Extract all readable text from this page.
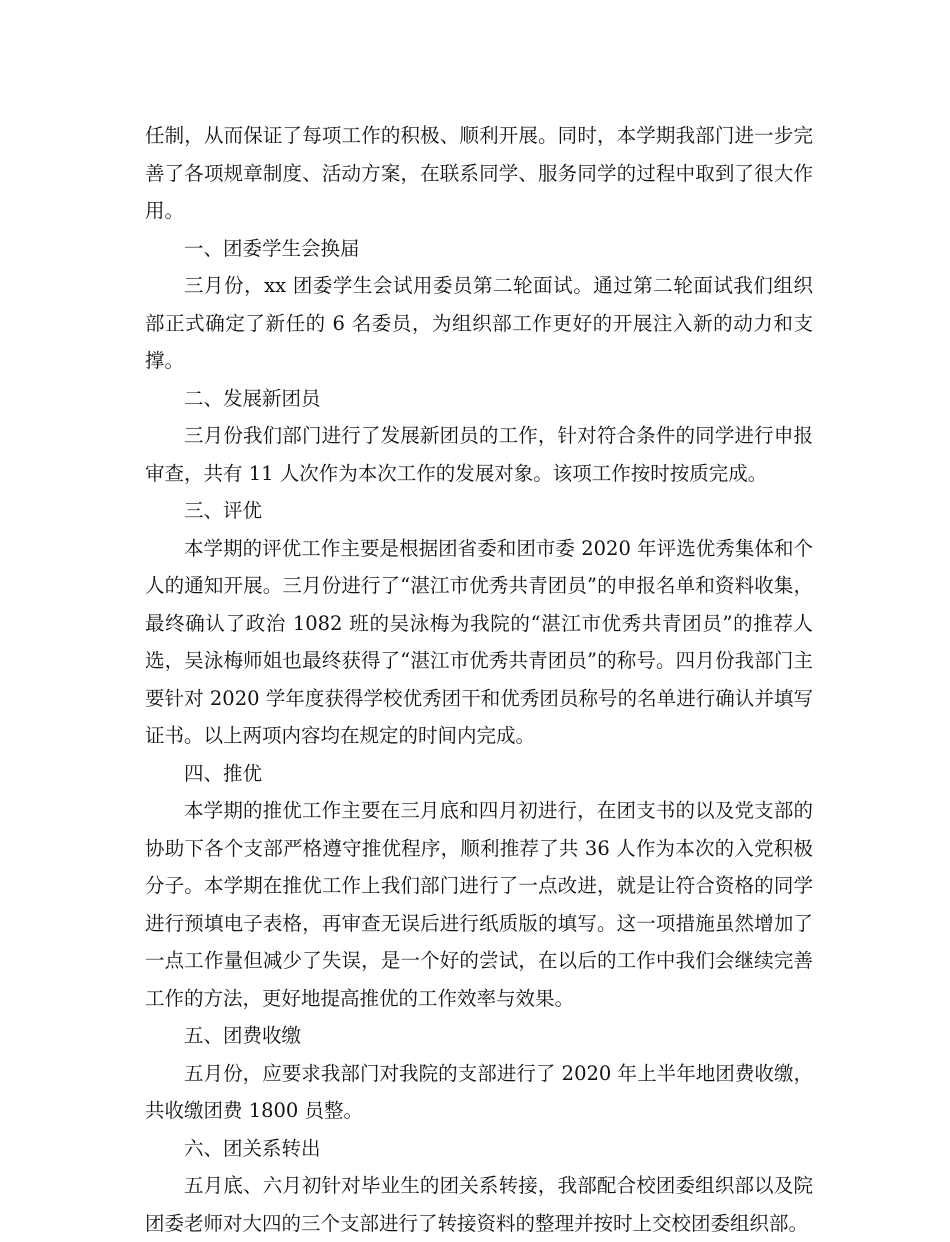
任制，从而保证了每项工作的积极、顺利开展。同时，本学期我部门进一步完善了各项规章制度、活动方案，在联系同学、服务同学的过程中取到了很大作用。

一、团委学生会换届

三月份，xx 团委学生会试用委员第二轮面试。通过第二轮面试我们组织部正式确定了新任的 6 名委员，为组织部工作更好的开展注入新的动力和支撑。

二、发展新团员

三月份我们部门进行了发展新团员的工作，针对符合条件的同学进行申报审查，共有 11 人次作为本次工作的发展对象。该项工作按时按质完成。

三、评优

本学期的评优工作主要是根据团省委和团市委 2020 年评选优秀集体和个人的通知开展。三月份进行了“湛江市优秀共青团员”的申报名单和资料收集，最终确认了政治 1082 班的吴泳梅为我院的“湛江市优秀共青团员”的推荐人选，吴泳梅师姐也最终获得了“湛江市优秀共青团员”的称号。四月份我部门主要针对 2020 学年度获得学校优秀团干和优秀团员称号的名单进行确认并填写证书。以上两项内容均在规定的时间内完成。

四、推优

本学期的推优工作主要在三月底和四月初进行，在团支书的以及党支部的协助下各个支部严格遵守推优程序，顺利推荐了共 36 人作为本次的入党积极分子。本学期在推优工作上我们部门进行了一点改进，就是让符合资格的同学进行预填电子表格，再审查无误后进行纸质版的填写。这一项措施虽然增加了一点工作量但减少了失误，是一个好的尝试，在以后的工作中我们会继续完善工作的方法，更好地提高推优的工作效率与效果。

五、团费收缴

五月份，应要求我部门对我院的支部进行了 2020 年上半年地团费收缴，共收缴团费 1800 员整。

六、团关系转出

五月底、六月初针对毕业生的团关系转接，我部配合校团委组织部以及院团委老师对大四的三个支部进行了转接资料的整理并按时上交校团委组织部。
